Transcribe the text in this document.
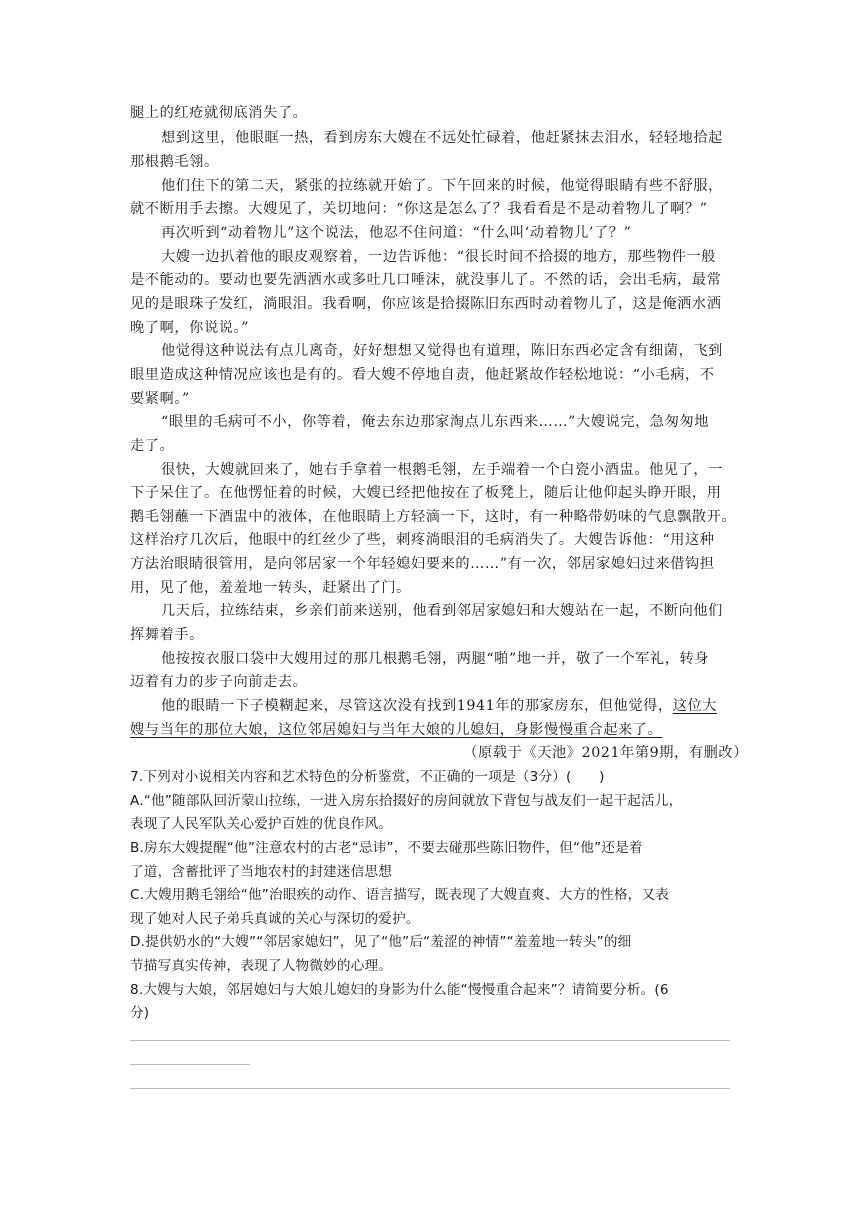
腿上的红疮就彻底消失了。
想到这里，他眼眶一热，看到房东大嫂在不远处忙碌着，他赶紧抹去泪水，轻轻地拾起
那根鹅毛翎。
他们住下的第二天，紧张的拉练就开始了。下午回来的时候，他觉得眼睛有些不舒服，
就不断用手去擦。大嫂见了，关切地问：“你这是怎么了？我看看是不是动着物儿了啊？”
再次听到“动着物儿”这个说法，他忍不住问道：“什么叫‘动着物儿’了？”
大嫂一边扒着他的眼皮观察着，一边告诉他：“很长时间不拾掇的地方，那些物件一般
是不能动的。要动也要先洒洒水或多吐几口唾沫，就没事儿了。不然的话，会出毛病，最常
见的是眼珠子发红，淌眼泪。我看啊，你应该是拾掇陈旧东西时动着物儿了，这是俺洒水洒
晚了啊，你说说。”
他觉得这种说法有点儿离奇，好好想想又觉得也有道理，陈旧东西必定含有细菌，飞到
眼里造成这种情况应该也是有的。看大嫂不停地自责，他赶紧故作轻松地说：“小毛病，不
要紧啊。”
“眼里的毛病可不小，你等着，俺去东边那家淘点儿东西来……”大嫂说完，急匆匆地
走了。
很快，大嫂就回来了，她右手拿着一根鹅毛翎，左手端着一个白瓷小酒盅。他见了，一
下子呆住了。在他愣怔着的时候，大嫂已经把他按在了板凳上，随后让他仰起头睁开眼，用
鹅毛翎蘸一下酒盅中的液体，在他眼睛上方轻滴一下，这时，有一种略带奶味的气息飘散开。
这样治疗几次后，他眼中的红丝少了些，刺疼淌眼泪的毛病消失了。大嫂告诉他：“用这种
方法治眼睛很管用，是向邻居家一个年轻媳妇要来的……”有一次，邻居家媳妇过来借钩担
用，见了他，羞羞地一转头，赶紧出了门。
几天后，拉练结束，乡亲们前来送别，他看到邻居家媳妇和大嫂站在一起，不断向他们
挥舞着手。
他按按衣服口袋中大嫂用过的那几根鹅毛翎，两腿“啪”地一并，敬了一个军礼，转身
迈着有力的步子向前走去。
他的眼睛一下子模糊起来，尽管这次没有找到1941年的那家房东，但他觉得，这位大
嫂与当年的那位大娘，这位邻居媳妇与当年大娘的儿媳妇，身影慢慢重合起来了。
（原载于《天池》2021年第9期，有删改）
7.下列对小说相关内容和艺术特色的分析鉴赏，不正确的一项是（3分）(　　)
A.“他”随部队回沂蒙山拉练，一进入房东拾掇好的房间就放下背包与战友们一起干起活儿，
表现了人民军队关心爱护百姓的优良作风。
B.房东大嫂提醒“他”注意农村的古老“忌讳”，不要去碰那些陈旧物件，但“他”还是着
了道，含蓄批评了当地农村的封建迷信思想
C.大嫂用鹅毛翎给“他”治眼疾的动作、语言描写，既表现了大嫂直爽、大方的性格，又表
现了她对人民子弟兵真诚的关心与深切的爱护。
D.提供奶水的“大嫂”“邻居家媳妇”，见了“他”后“羞涩的神情”“羞羞地一转头”的细
节描写真实传神，表现了人物微妙的心理。
8.大嫂与大娘，邻居媳妇与大娘儿媳妇的身影为什么能“慢慢重合起来”？请简要分析。(6
分)
